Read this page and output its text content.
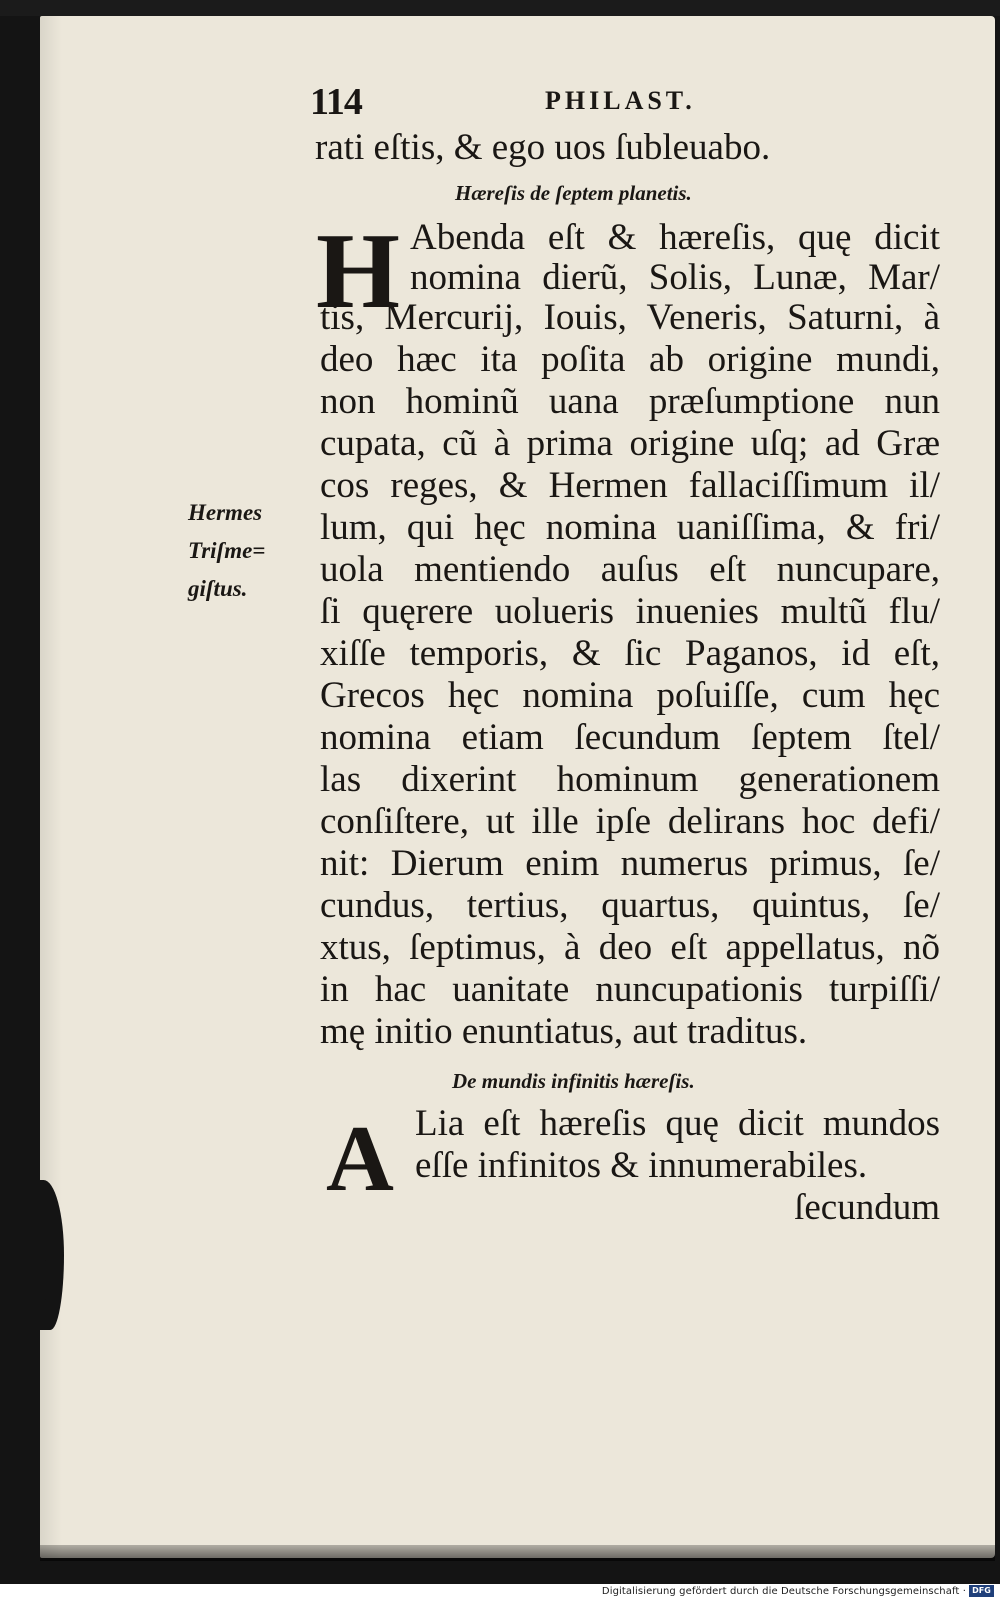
114	PHILAST.
rati eſtis, & ego uos ſubleuabo.
Hæreſis de ſeptem planetis.
H Abenda eſt & hæreſis, quę dicit
nomina dierũ, Solis, Lunæ, Mar/
tis, Mercurij, Iouis, Veneris, Saturni, à
deo hæc ita poſita ab origine mundi,
non hominũ uana præſumptione nun
cupata, cũ à prima origine uſq; ad Græ
cos reges, & Hermen fallaciſſimum il/
lum, qui hęc nomina uaniſſima, & fri/
uola mentiendo auſus eſt nuncupare,
ſi quęrere uolueris inuenies multũ flu/
xiſſe temporis, & ſic Paganos, id eſt,
Grecos hęc nomina poſuiſſe, cum hęc
nomina etiam ſecundum ſeptem ſtel/
las dixerint hominum generationem
conſiſtere, ut ille ipſe delirans hoc defi/
nit: Dierum enim numerus primus, ſe/
cundus, tertius, quartus, quintus, ſe/
xtus, ſeptimus, à deo eſt appellatus, nõ
in hac uanitate nuncupationis turpiſſi/
mę initio enuntiatus, aut traditus.
De mundis infinitis hæreſis.
A Lia eſt hæreſis quę dicit mundos
eſſe infinitos & innumerabiles.
ſecundum
Hermes
Triſme=
giſtus.
Digitalisierung gefördert durch die Deutsche Forschungsgemeinschaft · DFG
